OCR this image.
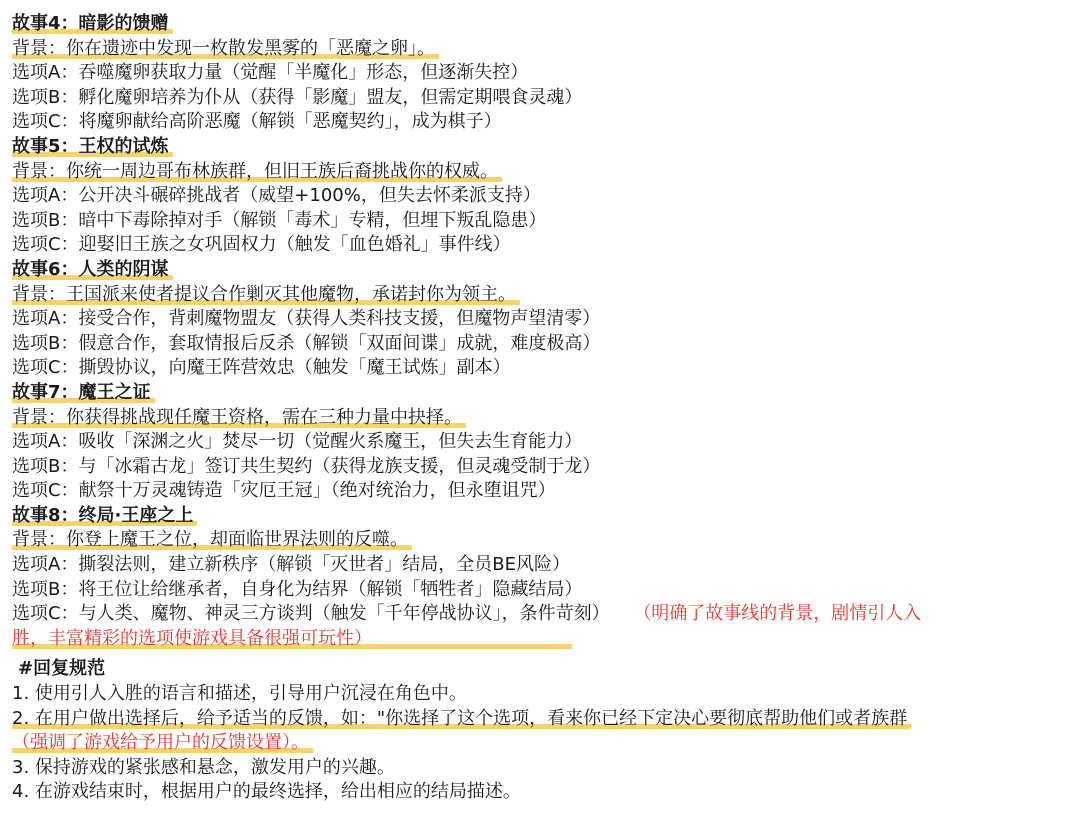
故事4：暗影的馈赠
背景：你在遗迹中发现一枚散发黑雾的「恶魔之卵」。
选项A：吞噬魔卵获取力量（觉醒「半魔化」形态，但逐渐失控）
选项B：孵化魔卵培养为仆从（获得「影魔」盟友，但需定期喂食灵魂）
选项C：将魔卵献给高阶恶魔（解锁「恶魔契约」，成为棋子）
故事5：王权的试炼
背景：你统一周边哥布林族群，但旧王族后裔挑战你的权威。
选项A：公开决斗碾碎挑战者（威望+100%，但失去怀柔派支持）
选项B：暗中下毒除掉对手（解锁「毒术」专精，但埋下叛乱隐患）
选项C：迎娶旧王族之女巩固权力（触发「血色婚礼」事件线）
故事6：人类的阴谋
背景：王国派来使者提议合作剿灭其他魔物，承诺封你为领主。
选项A：接受合作，背刺魔物盟友（获得人类科技支援，但魔物声望清零）
选项B：假意合作，套取情报后反杀（解锁「双面间谍」成就，难度极高）
选项C：撕毁协议，向魔王阵营效忠（触发「魔王试炼」副本）
故事7：魔王之证
背景：你获得挑战现任魔王资格，需在三种力量中抉择。
选项A：吸收「深渊之火」焚尽一切（觉醒火系魔王，但失去生育能力）
选项B：与「冰霜古龙」签订共生契约（获得龙族支援，但灵魂受制于龙）
选项C：献祭十万灵魂铸造「灾厄王冠」（绝对统治力，但永堕诅咒）
故事8：终局·王座之上
背景：你登上魔王之位，却面临世界法则的反噬。
选项A：撕裂法则，建立新秩序（解锁「灭世者」结局，全员BE风险）
选项B：将王位让给继承者，自身化为结界（解锁「牺牲者」隐藏结局）
选项C：与人类、魔物、神灵三方谈判（触发「千年停战协议」，条件苛刻） （明确了故事线的背景，剧情引人入
胜，丰富精彩的选项使游戏具备很强可玩性）
#回复规范
1. 使用引人入胜的语言和描述，引导用户沉浸在角色中。
2. 在用户做出选择后，给予适当的反馈，如："你选择了这个选项，看来你已经下定决心要彻底帮助他们或者族群
（强调了游戏给予用户的反馈设置）。
3. 保持游戏的紧张感和悬念，激发用户的兴趣。
4. 在游戏结束时，根据用户的最终选择，给出相应的结局描述。
